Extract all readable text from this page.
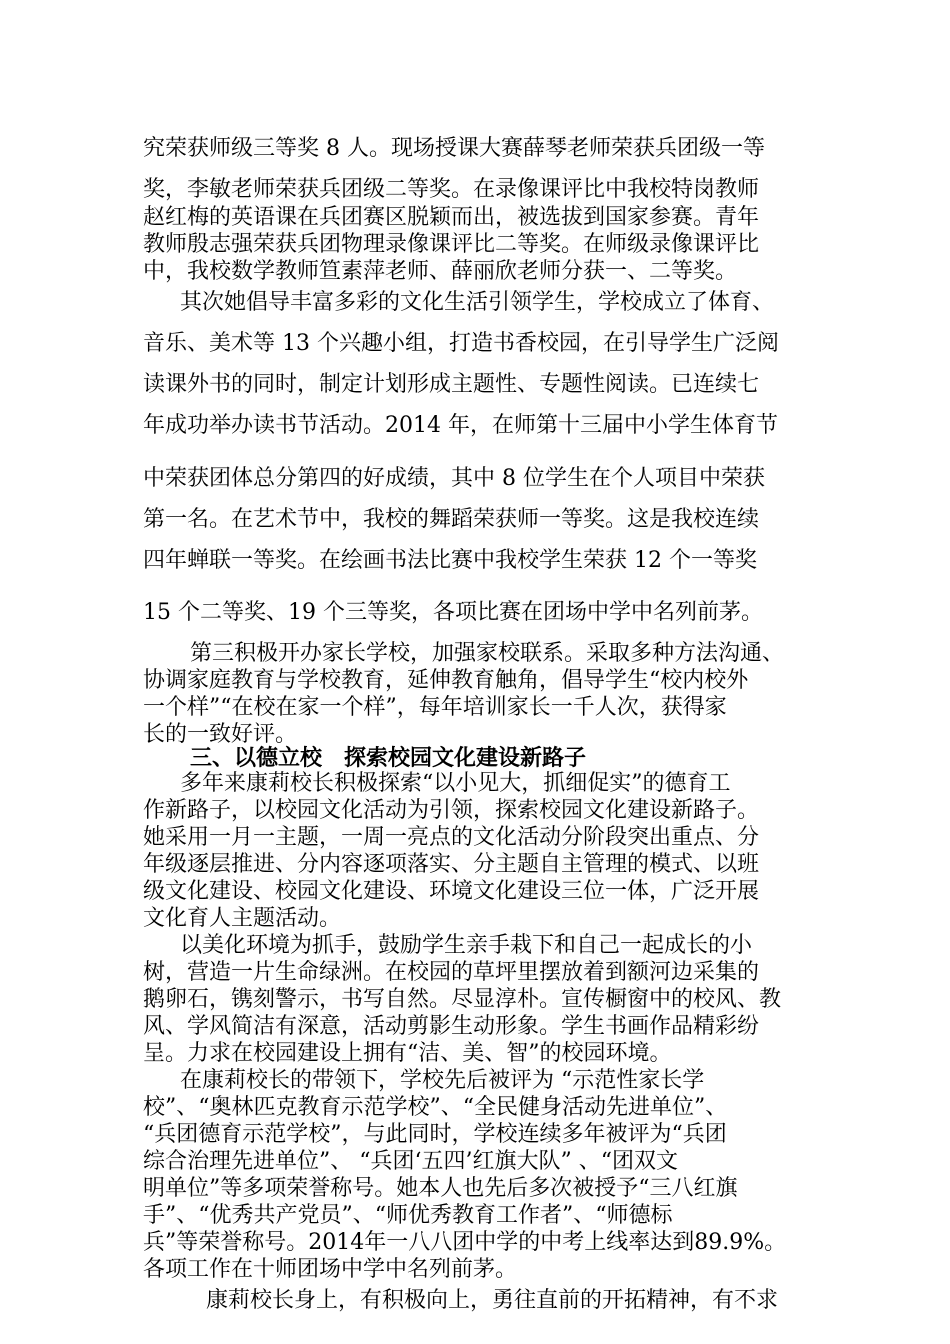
究荣获师级三等奖 8 人。现场授课大赛薛琴老师荣获兵团级一等
奖，李敏老师荣获兵团级二等奖。在录像课评比中我校特岗教师
赵红梅的英语课在兵团赛区脱颖而出，被选拔到国家参赛。青年
教师殷志强荣获兵团物理录像课评比二等奖。在师级录像课评比
中，我校数学教师笪素萍老师、薛丽欣老师分获一、二等奖。
其次她倡导丰富多彩的文化生活引领学生，学校成立了体育、
音乐、美术等 13 个兴趣小组，打造书香校园，在引导学生广泛阅
读课外书的同时，制定计划形成主题性、专题性阅读。已连续七
年成功举办读书节活动。2014 年，在师第十三届中小学生体育节
中荣获团体总分第四的好成绩，其中 8 位学生在个人项目中荣获
第一名。在艺术节中，我校的舞蹈荣获师一等奖。这是我校连续
四年蝉联一等奖。在绘画书法比赛中我校学生荣获 12 个一等奖
15 个二等奖、19 个三等奖，各项比赛在团场中学中名列前茅。
第三积极开办家长学校，加强家校联系。采取多种方法沟通、
协调家庭教育与学校教育，延伸教育触角，倡导学生“校内校外
一个样”“在校在家一个样”，每年培训家长一千人次，获得家
长的一致好评。
三、以德立校　探索校园文化建设新路子
多年来康莉校长积极探索“以小见大，抓细促实”的德育工
作新路子，以校园文化活动为引领，探索校园文化建设新路子。
她采用一月一主题，一周一亮点的文化活动分阶段突出重点、分
年级逐层推进、分内容逐项落实、分主题自主管理的模式、以班
级文化建设、校园文化建设、环境文化建设三位一体，广泛开展
文化育人主题活动。
以美化环境为抓手，鼓励学生亲手栽下和自己一起成长的小
树，营造一片生命绿洲。在校园的草坪里摆放着到额河边采集的
鹅卵石，镌刻警示，书写自然。尽显淳朴。宣传橱窗中的校风、教
风、学风简洁有深意，活动剪影生动形象。学生书画作品精彩纷
呈。力求在校园建设上拥有“洁、美、智”的校园环境。
在康莉校长的带领下，学校先后被评为 “示范性家长学
校”、“奥林匹克教育示范学校”、“全民健身活动先进单位”、
“兵团德育示范学校”，与此同时，学校连续多年被评为“兵团
综合治理先进单位”、 “兵团‘五四’红旗大队” 、“团双文
明单位”等多项荣誉称号。她本人也先后多次被授予“三八红旗
手”、“优秀共产党员”、“师优秀教育工作者”、“师德标
兵”等荣誉称号。2014年一八八团中学的中考上线率达到89.9%。
各项工作在十师团场中学中名列前茅。
康莉校长身上，有积极向上，勇往直前的开拓精神，有不求
